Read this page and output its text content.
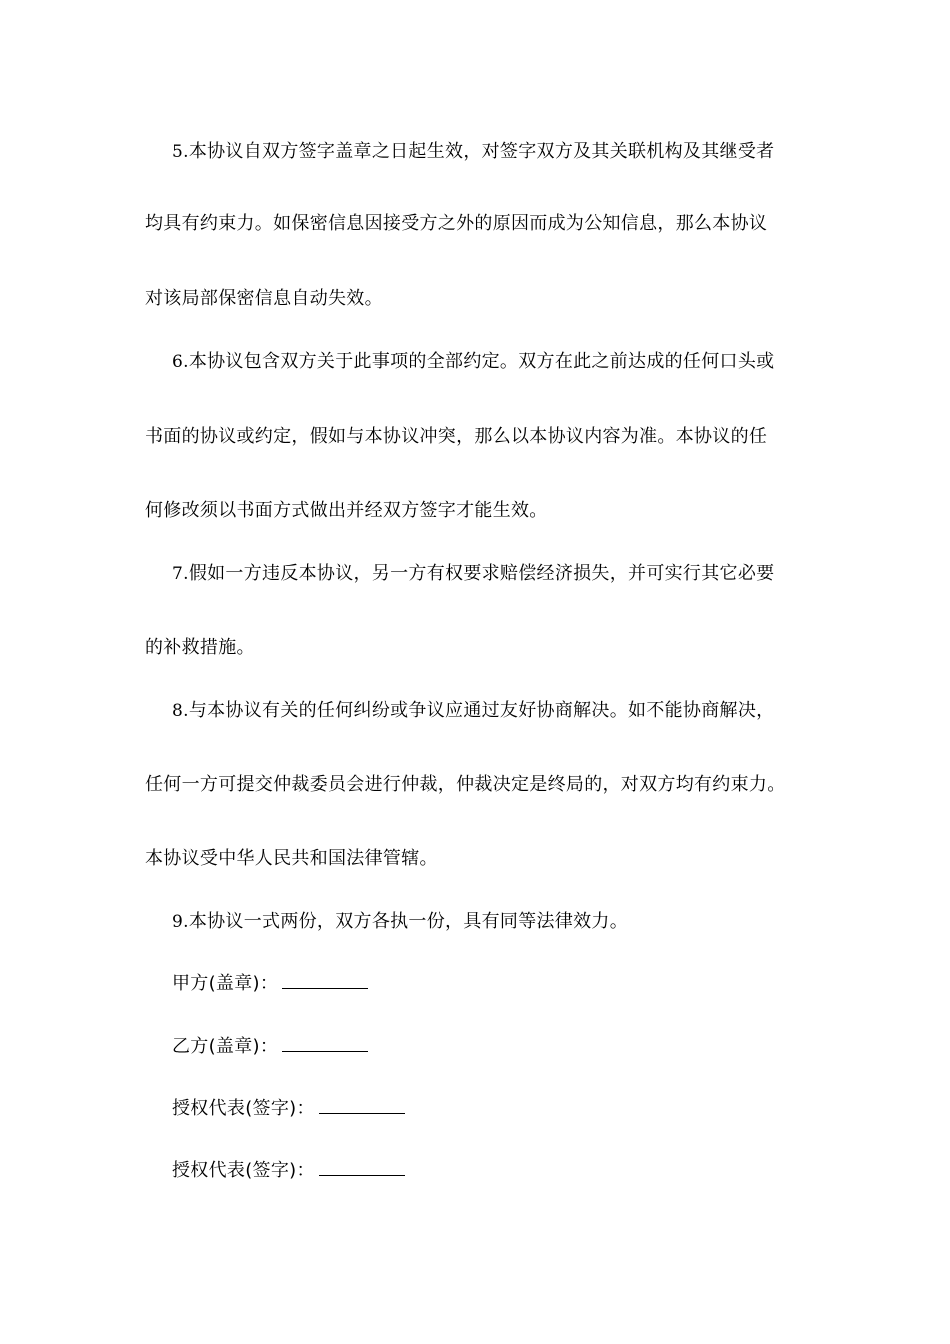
5.本协议自双方签字盖章之日起生效，对签字双方及其关联机构及其继受者
均具有约束力。如保密信息因接受方之外的原因而成为公知信息，那么本协议
对该局部保密信息自动失效。
6.本协议包含双方关于此事项的全部约定。双方在此之前达成的任何口头或
书面的协议或约定，假如与本协议冲突，那么以本协议内容为准。本协议的任
何修改须以书面方式做出并经双方签字才能生效。
7.假如一方违反本协议，另一方有权要求赔偿经济损失，并可实行其它必要
的补救措施。
8.与本协议有关的任何纠纷或争议应通过友好协商解决。如不能协商解决，
任何一方可提交仲裁委员会进行仲裁，仲裁决定是终局的，对双方均有约束力。
本协议受中华人民共和国法律管辖。
9.本协议一式两份，双方各执一份，具有同等法律效力。
甲方(盖章)：
乙方(盖章)：
授权代表(签字)：
授权代表(签字)：
